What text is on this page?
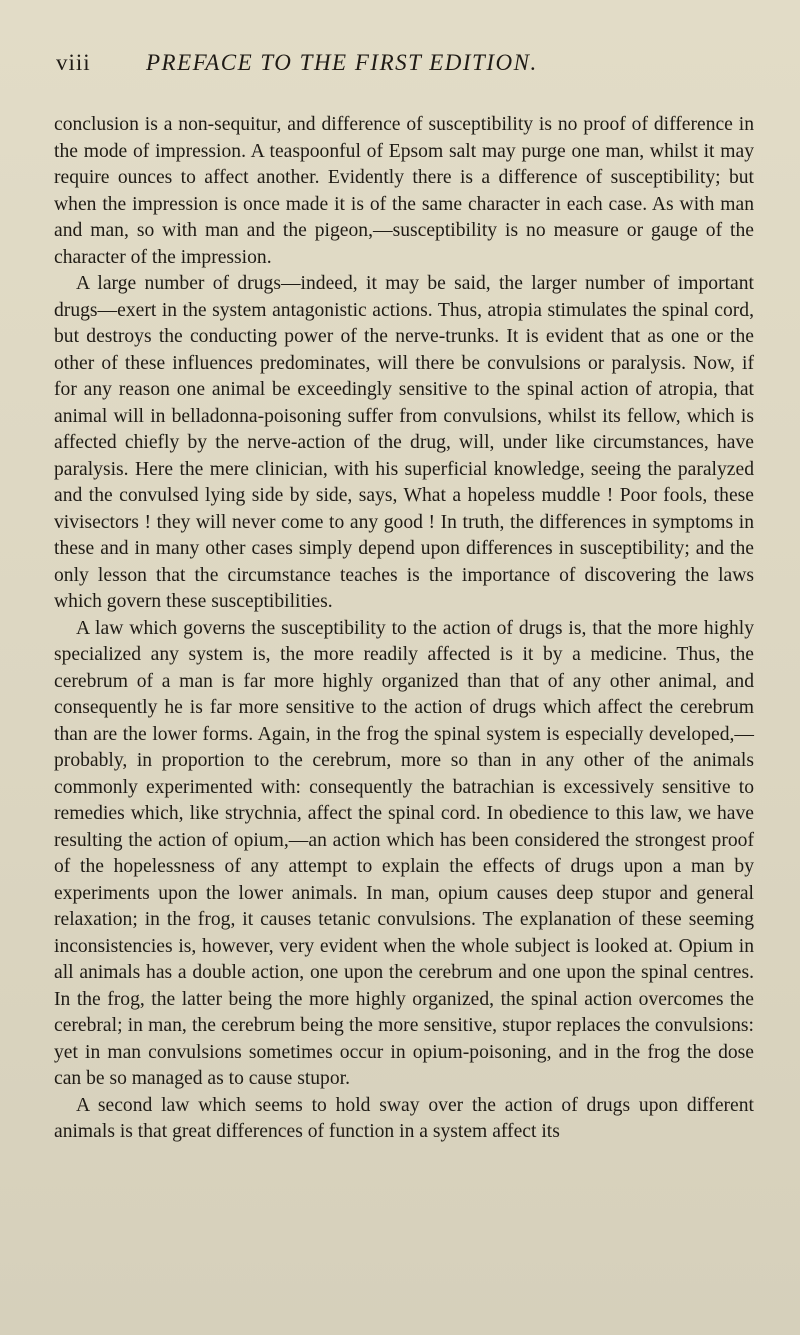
viii PREFACE TO THE FIRST EDITION.

conclusion is a non-sequitur, and difference of susceptibility is no proof of difference in the mode of impression. A teaspoonful of Epsom salt may purge one man, whilst it may require ounces to affect another. Evidently there is a difference of susceptibility; but when the impression is once made it is of the same character in each case. As with man and man, so with man and the pigeon,—susceptibility is no measure or gauge of the character of the impression.

A large number of drugs—indeed, it may be said, the larger number of important drugs—exert in the system antagonistic actions. Thus, atropia stimulates the spinal cord, but destroys the conducting power of the nerve-trunks. It is evident that as one or the other of these influences predominates, will there be convulsions or paralysis. Now, if for any reason one animal be exceedingly sensitive to the spinal action of atropia, that animal will in belladonna-poisoning suffer from convulsions, whilst its fellow, which is affected chiefly by the nerve-action of the drug, will, under like circumstances, have paralysis. Here the mere clinician, with his superficial knowledge, seeing the paralyzed and the convulsed lying side by side, says, What a hopeless muddle ! Poor fools, these vivisectors ! they will never come to any good ! In truth, the differences in symptoms in these and in many other cases simply depend upon differences in susceptibility; and the only lesson that the circumstance teaches is the importance of discovering the laws which govern these susceptibilities.

A law which governs the susceptibility to the action of drugs is, that the more highly specialized any system is, the more readily affected is it by a medicine. Thus, the cerebrum of a man is far more highly organized than that of any other animal, and consequently he is far more sensitive to the action of drugs which affect the cerebrum than are the lower forms. Again, in the frog the spinal system is especially developed,—probably, in proportion to the cerebrum, more so than in any other of the animals commonly experimented with: consequently the batrachian is excessively sensitive to remedies which, like strychnia, affect the spinal cord. In obedience to this law, we have resulting the action of opium,—an action which has been considered the strongest proof of the hopelessness of any attempt to explain the effects of drugs upon a man by experiments upon the lower animals. In man, opium causes deep stupor and general relaxation; in the frog, it causes tetanic convulsions. The explanation of these seeming inconsistencies is, however, very evident when the whole subject is looked at. Opium in all animals has a double action, one upon the cerebrum and one upon the spinal centres. In the frog, the latter being the more highly organized, the spinal action overcomes the cerebral; in man, the cerebrum being the more sensitive, stupor replaces the convulsions: yet in man convulsions sometimes occur in opium-poisoning, and in the frog the dose can be so managed as to cause stupor.

A second law which seems to hold sway over the action of drugs upon different animals is that great differences of function in a system affect its
